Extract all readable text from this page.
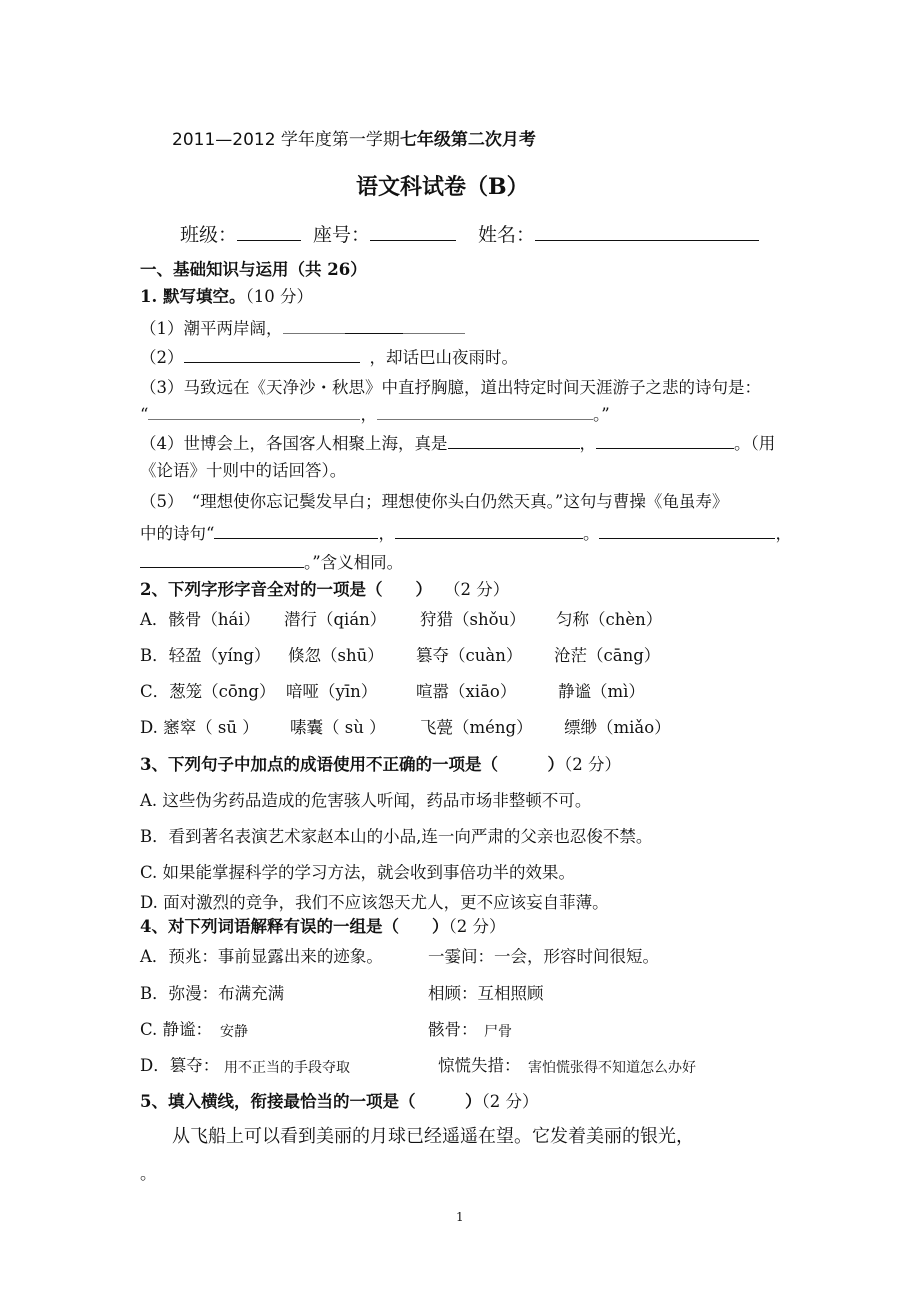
2011—2012 学年度第一学期七年级第二次月考
语文科试卷（B）
班级：	座号：	姓名：
一、基础知识与运用（共 26）
1. 默写填空。（10 分）
（1）潮平两岸阔，
（2）	，却话巴山夜雨时。
（3）马致远在《天净沙・秋思》中直抒胸臆，道出特定时间天涯游子之悲的诗句是：
“	，	。”
（4）世博会上，各国客人相聚上海，真是	，	。（用
《论语》十则中的话回答）。
（5）　“理想使你忘记鬓发早白；理想使你头白仍然天真。”这句与曹操《龟虽寿》
中的诗句“	，	。	，
。”含义相同。
2、下列字形字音全对的一项是（　　） （2 分）
A．骸骨（hái） 潜行（qián） 狩猎（shǒu） 匀称（chèn）
B．轻盈（yíng） 倏忽（shū） 篡夺（cuàn） 沧茫（cāng）
C．葱笼（cōng） 喑哑（yīn） 喧嚣（xiāo）	静谧（mì）
D. 窸窣（ sū ） 嗉囊（ sù ） 飞甍（méng） 缥缈（miǎo）
3、下列句子中加点的成语使用不正确的一项是（　　　）（2 分）
A. 这些伪劣药品造成的危害骇人听闻，药品市场非整顿不可。
B．看到著名表演艺术家赵本山的小品,连一向严肃的父亲也忍俊不禁。
C. 如果能掌握科学的学习方法，就会收到事倍功半的效果。
D. 面对激烈的竞争，我们不应该怨天尤人，更不应该妄自菲薄。
4、对下列词语解释有误的一组是（　　）（2 分）
A．预兆：事前显露出来的迹象。	一霎间：一会，形容时间很短。
B．弥漫：布满充满	相顾：互相照顾
C. 静谧： 安静	骸骨： 尸骨
D．篡夺： 用不正当的手段夺取	惊慌失措： 害怕慌张得不知道怎么办好
5、填入横线，衔接最恰当的一项是（　　　）（2 分）
从飞船上可以看到美丽的月球已经遥遥在望。它发着美丽的银光，
。
1
